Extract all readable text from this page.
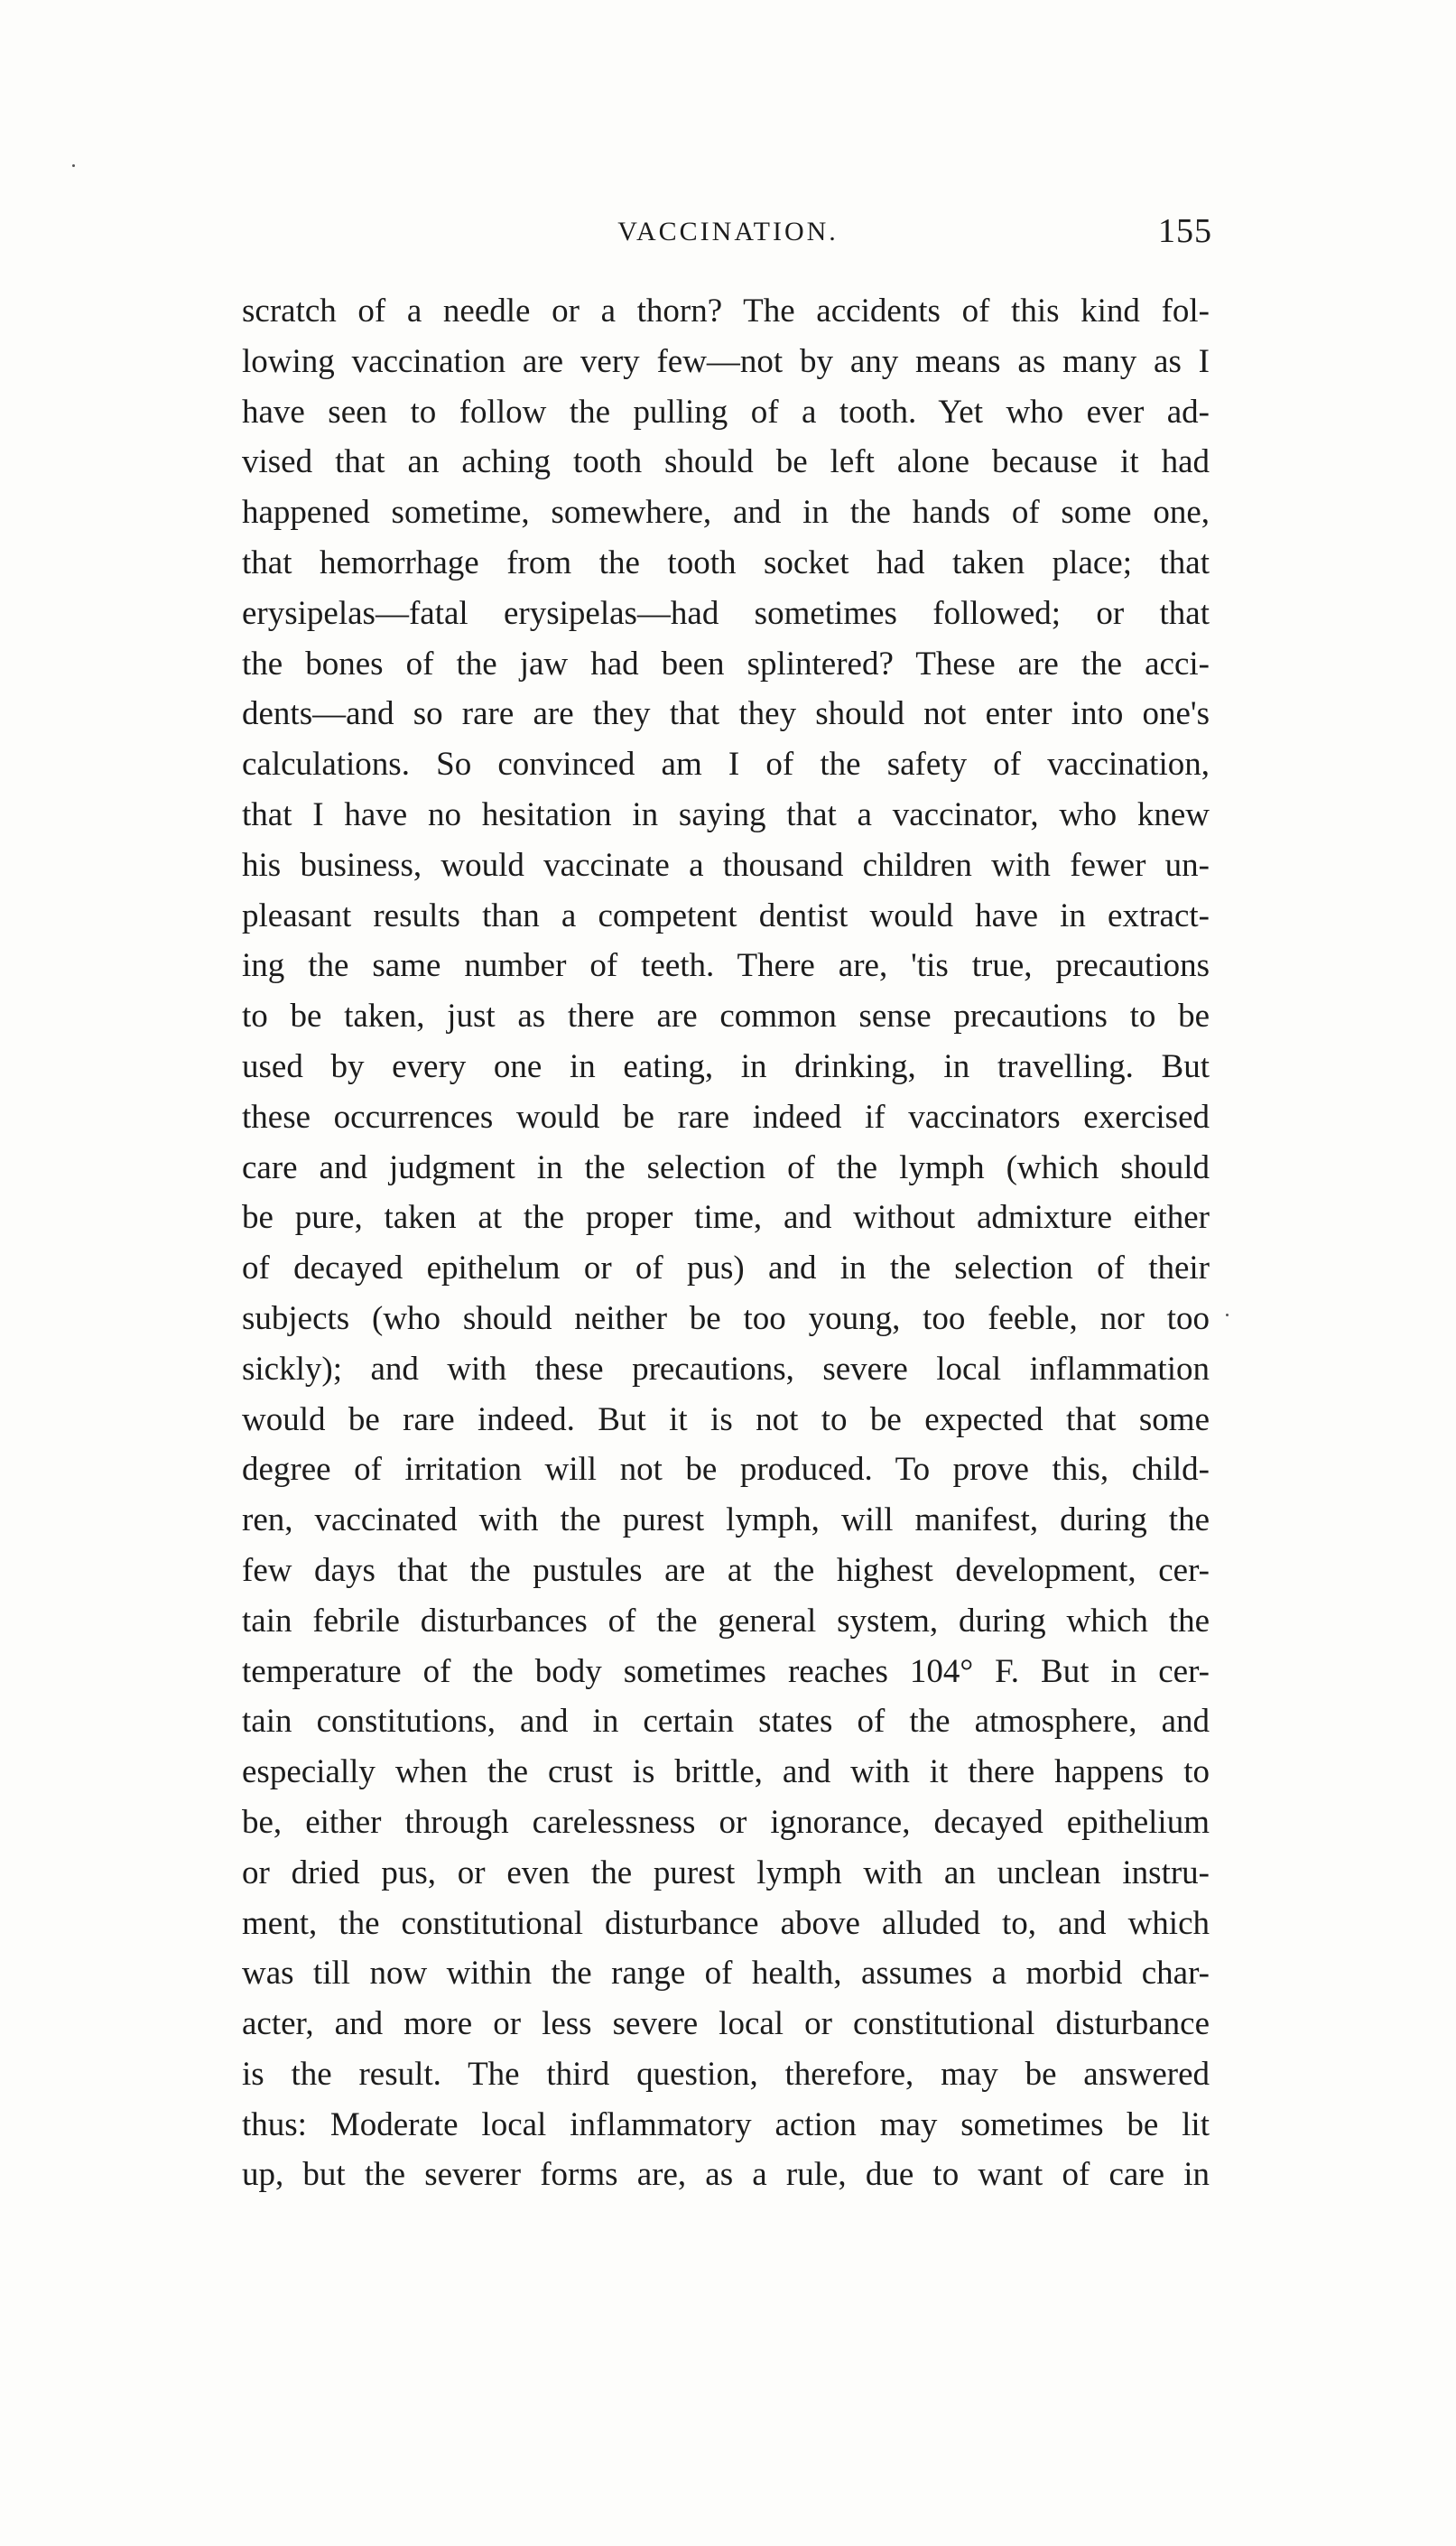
VACCINATION.	155
scratch of a needle or a thorn? The accidents of this kind fol-
lowing vaccination are very few—not by any means as many as I
have seen to follow the pulling of a tooth. Yet who ever ad-
vised that an aching tooth should be left alone because it had
happened sometime, somewhere, and in the hands of some one,
that hemorrhage from the tooth socket had taken place; that
erysipelas—fatal erysipelas—had sometimes followed; or that
the bones of the jaw had been splintered? These are the acci-
dents—and so rare are they that they should not enter into one's
calculations. So convinced am I of the safety of vaccination,
that I have no hesitation in saying that a vaccinator, who knew
his business, would vaccinate a thousand children with fewer un-
pleasant results than a competent dentist would have in extract-
ing the same number of teeth. There are, 'tis true, precautions
to be taken, just as there are common sense precautions to be
used by every one in eating, in drinking, in travelling. But
these occurrences would be rare indeed if vaccinators exercised
care and judgment in the selection of the lymph (which should
be pure, taken at the proper time, and without admixture either
of decayed epithelum or of pus) and in the selection of their
subjects (who should neither be too young, too feeble, nor too
sickly); and with these precautions, severe local inflammation
would be rare indeed. But it is not to be expected that some
degree of irritation will not be produced. To prove this, child-
ren, vaccinated with the purest lymph, will manifest, during the
few days that the pustules are at the highest development, cer-
tain febrile disturbances of the general system, during which the
temperature of the body sometimes reaches 104° F. But in cer-
tain constitutions, and in certain states of the atmosphere, and
especially when the crust is brittle, and with it there happens to
be, either through carelessness or ignorance, decayed epithelium
or dried pus, or even the purest lymph with an unclean instru-
ment, the constitutional disturbance above alluded to, and which
was till now within the range of health, assumes a morbid char-
acter, and more or less severe local or constitutional disturbance
is the result. The third question, therefore, may be answered
thus: Moderate local inflammatory action may sometimes be lit
up, but the severer forms are, as a rule, due to want of care in
